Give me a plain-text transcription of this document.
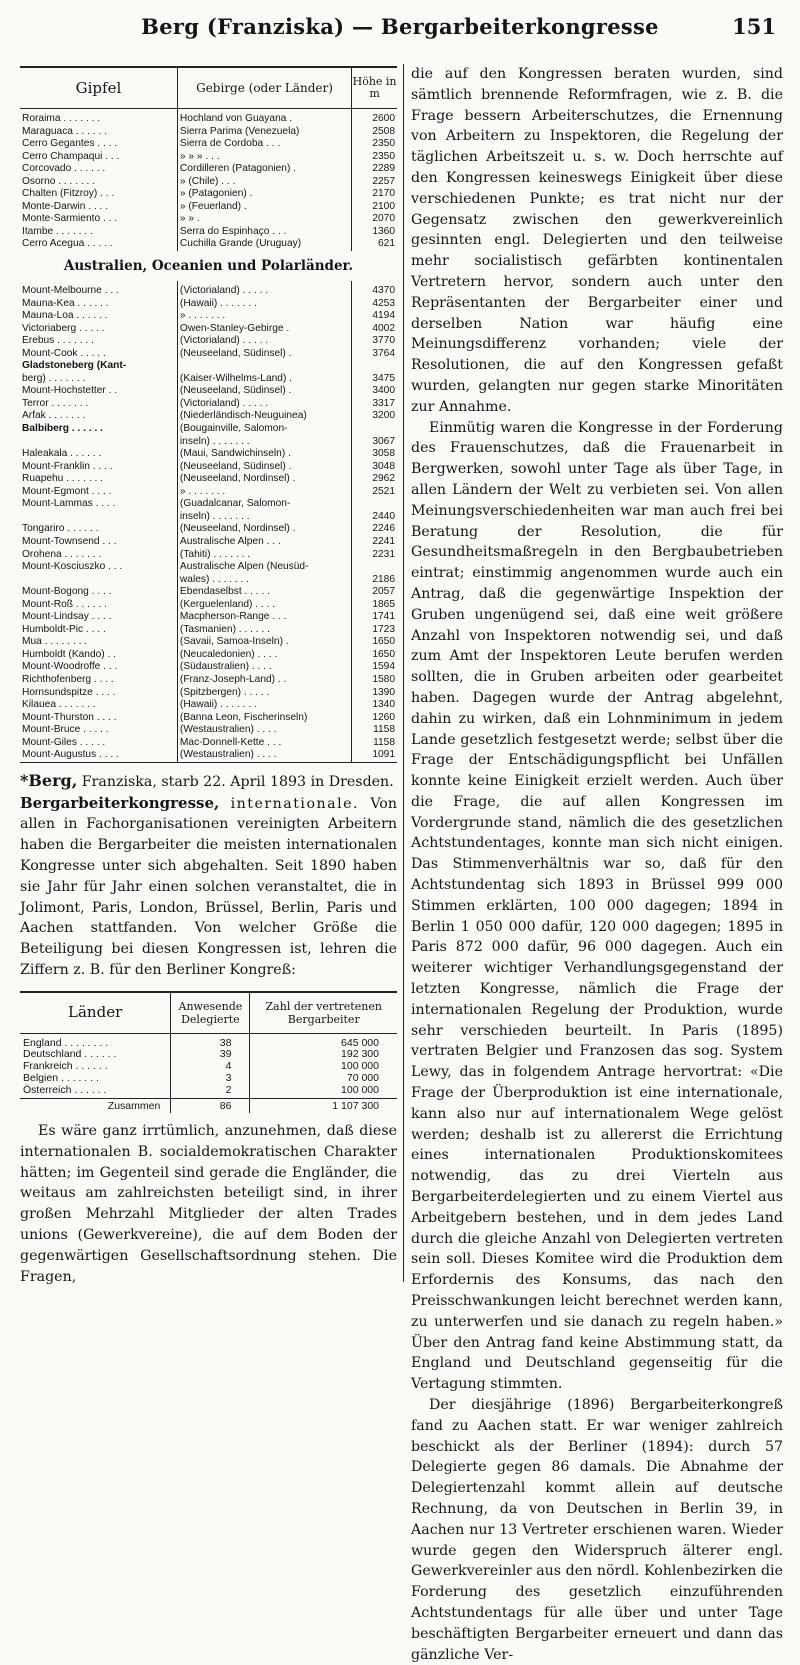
Berg (Franziska) — Bergarbeiterkongresse	151
Gipfel	Gebirge (oder Länder)	Höhe in m
Roraima . . . . . . .	Hochland von Guayana .	2600
Maraguaca . . . . . .	Sierra Parima (Venezuela)	2508
Cerro Gegantes . . . .	Sierra de Cordoba . . .	2350
Cerro Champaqui . . .	» » » . . .	2350
Corcovado . . . . . .	Cordilleren (Patagonien) .	2289
Osorno . . . . . . .	» (Chile) . . .	2257
Chalten (Fitzroy) . . .	» (Patagonien) .	2170
Monte-Darwin . . . .	» (Feuerland) .	2100
Monte-Sarmiento . . .	» » .	2070
Itambe . . . . . . .	Serra do Espinhaço . . .	1360
Cerro Acegua . . . . .	Cuchilla Grande (Uruguay)	621
Australien, Oceanien und Polarländer.		
Mount-Melbourne . . .	(Victorialand) . . . . .	4370
Mauna-Kea . . . . . .	(Hawaii) . . . . . . .	4253
Mauna-Loa . . . . . .	» . . . . . . .	4194
Victoriaberg . . . . .	Owen-Stanley-Gebirge .	4002
Erebus . . . . . . .	(Victorialand) . . . . .	3770
Mount-Cook . . . . .	(Neuseeland, Südinsel) .	3764
Gladstoneberg (Kant-		
berg) . . . . . . .	(Kaiser-Wilhelms-Land) .	3475
Mount-Hochstetter . .	(Neuseeland, Südinsel) .	3400
Terror . . . . . . .	(Victorialand) . . . . .	3317
Arfak . . . . . . .	(Niederländisch-Neuguinea)	3200
Balbiberg . . . . . .	(Bougainville, Salomon-	
	inseln) . . . . . . .	3067
Haleakala . . . . . .	(Maui, Sandwichinseln) .	3058
Mount-Franklin . . . .	(Neuseeland, Südinsel) .	3048
Ruapehu . . . . . . .	(Neuseeland, Nordinsel) .	2962
Mount-Egmont . . . .	» . . . . . . .	2521
Mount-Lammas . . . .	(Guadalcanar, Salomon-	
	inseln) . . . . . . .	2440
Tongariro . . . . . .	(Neuseeland, Nordinsel) .	2246
Mount-Townsend . . .	Australische Alpen . . .	2241
Orohena . . . . . . .	(Tahiti) . . . . . . .	2231
Mount-Kosciuszko . . .	Australische Alpen (Neusüd-	
	wales) . . . . . . .	2186
Mount-Bogong . . . .	Ebendaselbst . . . . .	2057
Mount-Roß . . . . . .	(Kerguelenland) . . . .	1865
Mount-Lindsay . . . .	Macpherson-Range . . .	1741
Humboldt-Pic . . . .	(Tasmanien) . . . . . .	1723
Mua . . . . . . . .	(Savaii, Samoa-Inseln) .	1650
Humboldt (Kando) . .	(Neucaledonien) . . . .	1650
Mount-Woodroffe . . .	(Südaustralien) . . . .	1594
Richthofenberg . . . .	(Franz-Joseph-Land) . .	1580
Hornsundspitze . . . .	(Spitzbergen) . . . . .	1390
Kilauea . . . . . . .	(Hawaii) . . . . . . .	1340
Mount-Thurston . . . .	(Banna Leon, Fischerinseln)	1260
Mount-Bruce . . . . .	(Westaustralien) . . . .	1158
Mount-Giles . . . . .	Mac-Donnell-Kette . . .	1158
Mount-Augustus . . . .	(Westaustralien) . . . .	1091

*Berg, Franziska, starb 22. April 1893 in Dresden.

Bergarbeiterkongresse, internationale. Von allen in Fachorganisationen vereinigten Arbeitern haben die Bergarbeiter die meisten internationalen Kongresse unter sich abgehalten. Seit 1890 haben sie Jahr für Jahr einen solchen veranstaltet, die in Jolimont, Paris, London, Brüssel, Berlin, Paris und Aachen stattfanden. Von welcher Größe die Beteiligung bei diesen Kongressen ist, lehren die Ziffern z. B. für den Berliner Kongreß:

Länder	Anwesende Delegierte	Zahl der vertretenen Bergarbeiter
England . . . . . . . .	38	645 000
Deutschland . . . . . .	39	192 300
Frankreich . . . . . .	4	100 000
Belgien . . . . . . .	3	70 000
Österreich . . . . . .	2	100 000
Zusammen	86	1 107 300

Es wäre ganz irrtümlich, anzunehmen, daß diese internationalen B. socialdemokratischen Charakter hätten; im Gegenteil sind gerade die Engländer, die weitaus am zahlreichsten beteiligt sind, in ihrer großen Mehrzahl Mitglieder der alten Trades unions (Gewerkvereine), die auf dem Boden der gegenwärtigen Gesellschaftsordnung stehen. Die Fragen,

die auf den Kongressen beraten wurden, sind sämtlich brennende Reformfragen, wie z. B. die Frage bessern Arbeiterschutzes, die Ernennung von Arbeitern zu Inspektoren, die Regelung der täglichen Arbeitszeit u. s. w. Doch herrschte auf den Kongressen keineswegs Einigkeit über diese verschiedenen Punkte; es trat nicht nur der Gegensatz zwischen den gewerkvereinlich gesinnten engl. Delegierten und den teilweise mehr socialistisch gefärbten kontinentalen Vertretern hervor, sondern auch unter den Repräsentanten der Bergarbeiter einer und derselben Nation war häufig eine Meinungsdifferenz vorhanden; viele der Resolutionen, die auf den Kongressen gefaßt wurden, gelangten nur gegen starke Minoritäten zur Annahme.

Einmütig waren die Kongresse in der Forderung des Frauenschutzes, daß die Frauenarbeit in Bergwerken, sowohl unter Tage als über Tage, in allen Ländern der Welt zu verbieten sei. Von allen Meinungsverschiedenheiten war man auch frei bei Beratung der Resolution, die für Gesundheitsmaßregeln in den Bergbaubetrieben eintrat; einstimmig angenommen wurde auch ein Antrag, daß die gegenwärtige Inspektion der Gruben ungenügend sei, daß eine weit größere Anzahl von Inspektoren notwendig sei, und daß zum Amt der Inspektoren Leute berufen werden sollten, die in Gruben arbeiten oder gearbeitet haben. Dagegen wurde der Antrag abgelehnt, dahin zu wirken, daß ein Lohnminimum in jedem Lande gesetzlich festgesetzt werde; selbst über die Frage der Entschädigungspflicht bei Unfällen konnte keine Einigkeit erzielt werden. Auch über die Frage, die auf allen Kongressen im Vordergrunde stand, nämlich die des gesetzlichen Achtstundentages, konnte man sich nicht einigen. Das Stimmenverhältnis war so, daß für den Achtstundentag sich 1893 in Brüssel 999 000 Stimmen erklärten, 100 000 dagegen; 1894 in Berlin 1 050 000 dafür, 120 000 dagegen; 1895 in Paris 872 000 dafür, 96 000 dagegen. Auch ein weiterer wichtiger Verhandlungsgegenstand der letzten Kongresse, nämlich die Frage der internationalen Regelung der Produktion, wurde sehr verschieden beurteilt. In Paris (1895) vertraten Belgier und Franzosen das sog. System Lewy, das in folgendem Antrage hervortrat: «Die Frage der Überproduktion ist eine internationale, kann also nur auf internationalem Wege gelöst werden; deshalb ist zu allererst die Errichtung eines internationalen Produktionskomitees notwendig, das zu drei Vierteln aus Bergarbeiterdelegierten und zu einem Viertel aus Arbeitgebern bestehen, und in dem jedes Land durch die gleiche Anzahl von Delegierten vertreten sein soll. Dieses Komitee wird die Produktion dem Erfordernis des Konsums, das nach den Preisschwankungen leicht berechnet werden kann, zu unterwerfen und sie danach zu regeln haben.» Über den Antrag fand keine Abstimmung statt, da England und Deutschland gegenseitig für die Vertagung stimmten.

Der diesjährige (1896) Bergarbeiterkongreß fand zu Aachen statt. Er war weniger zahlreich beschickt als der Berliner (1894): durch 57 Delegierte gegen 86 damals. Die Abnahme der Delegiertenzahl kommt allein auf deutsche Rechnung, da von Deutschen in Berlin 39, in Aachen nur 13 Vertreter erschienen waren. Wieder wurde gegen den Widerspruch älterer engl. Gewerkvereinler aus den nördl. Kohlenbezirken die Forderung des gesetzlich einzuführenden Achtstundentags für alle über und unter Tage beschäftigten Bergarbeiter erneuert und dann das gänzliche Ver-
